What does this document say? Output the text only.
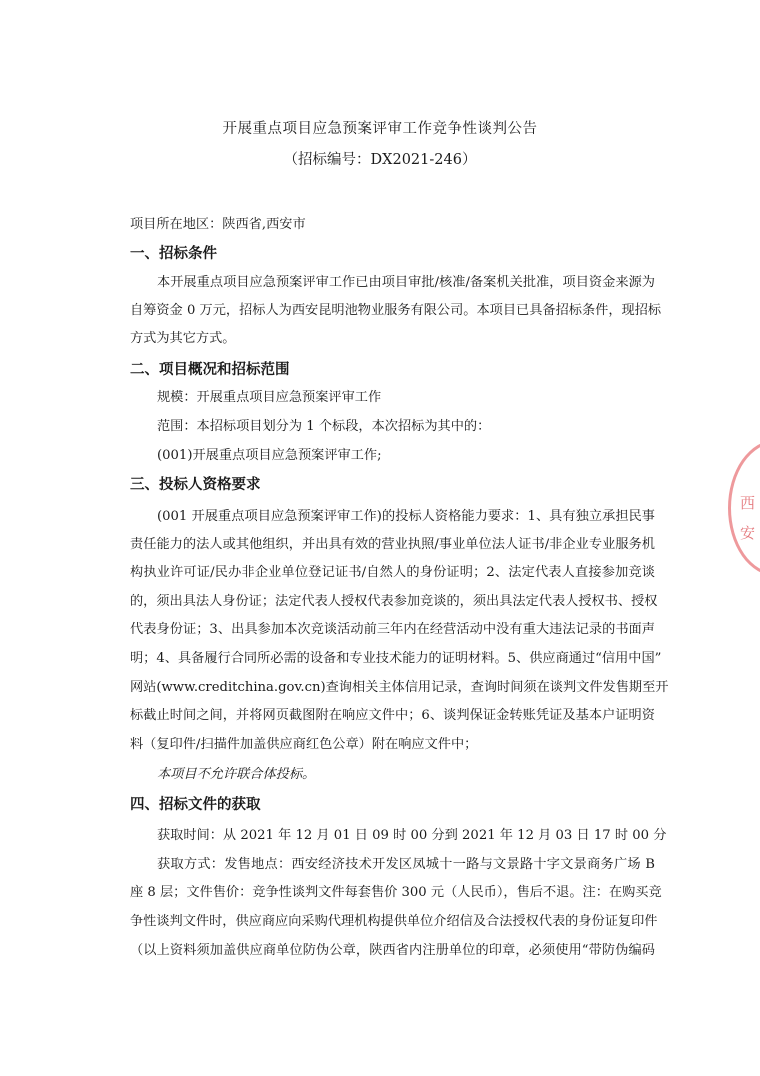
开展重点项目应急预案评审工作竞争性谈判公告
（招标编号：DX2021-246）
项目所在地区：陕西省,西安市
一、招标条件
本开展重点项目应急预案评审工作已由项目审批/核准/备案机关批准，项目资金来源为
自筹资金 0 万元，招标人为西安昆明池物业服务有限公司。本项目已具备招标条件，现招标
方式为其它方式。
二、项目概况和招标范围
规模：开展重点项目应急预案评审工作
范围：本招标项目划分为 1 个标段，本次招标为其中的：
(001)开展重点项目应急预案评审工作;
三、投标人资格要求
(001 开展重点项目应急预案评审工作)的投标人资格能力要求：1、具有独立承担民事
责任能力的法人或其他组织，并出具有效的营业执照/事业单位法人证书/非企业专业服务机
构执业许可证/民办非企业单位登记证书/自然人的身份证明；2、法定代表人直接参加竞谈
的，须出具法人身份证；法定代表人授权代表参加竞谈的，须出具法定代表人授权书、授权
代表身份证；3、出具参加本次竞谈活动前三年内在经营活动中没有重大违法记录的书面声
明；4、具备履行合同所必需的设备和专业技术能力的证明材料。5、供应商通过“信用中国”
网站(www.creditchina.gov.cn)查询相关主体信用记录，查询时间须在谈判文件发售期至开
标截止时间之间，并将网页截图附在响应文件中；6、谈判保证金转账凭证及基本户证明资
料（复印件/扫描件加盖供应商红色公章）附在响应文件中；
本项目不允许联合体投标。
四、招标文件的获取
获取时间：从 2021 年 12 月 01 日 09 时 00 分到 2021 年 12 月 03 日 17 时 00 分
获取方式：发售地点：西安经济技术开发区凤城十一路与文景路十字文景商务广场 B
座 8 层；文件售价：竞争性谈判文件每套售价 300 元（人民币），售后不退。注：在购买竞
争性谈判文件时，供应商应向采购代理机构提供单位介绍信及合法授权代表的身份证复印件
（以上资料须加盖供应商单位防伪公章，陕西省内注册单位的印章，必须使用“带防伪编码
西
安
